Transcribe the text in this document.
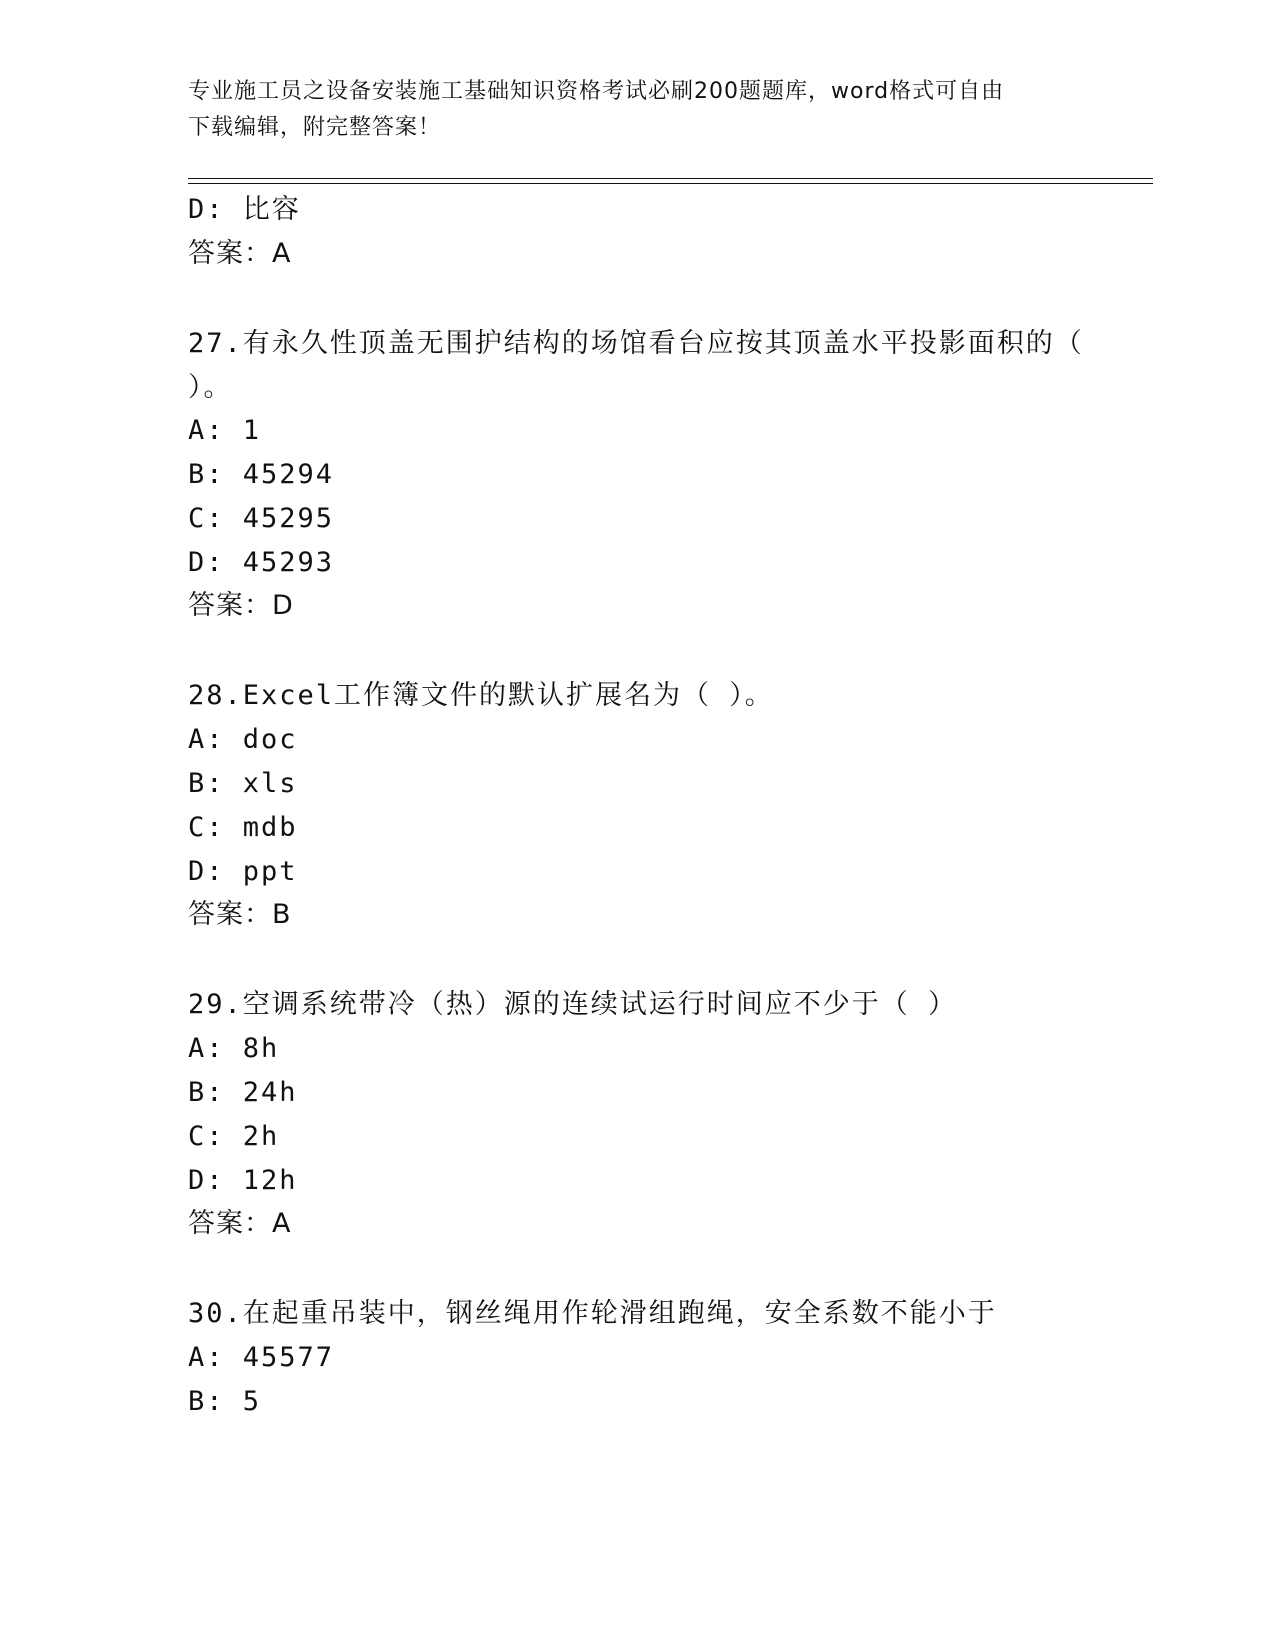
专业施工员之设备安装施工基础知识资格考试必刷200题题库，word格式可自由
下载编辑，附完整答案！
D: 比容
答案：A
27.有永久性顶盖无围护结构的场馆看台应按其顶盖水平投影面积的（
）。
A: 1
B: 45294
C: 45295
D: 45293
答案：D
28.Excel工作簿文件的默认扩展名为（ ）。
A: doc
B: xls
C: mdb
D: ppt
答案：B
29.空调系统带冷（热）源的连续试运行时间应不少于（ ）
A: 8h
B: 24h
C: 2h
D: 12h
答案：A
30.在起重吊装中，钢丝绳用作轮滑组跑绳，安全系数不能小于
A: 45577
B: 5
